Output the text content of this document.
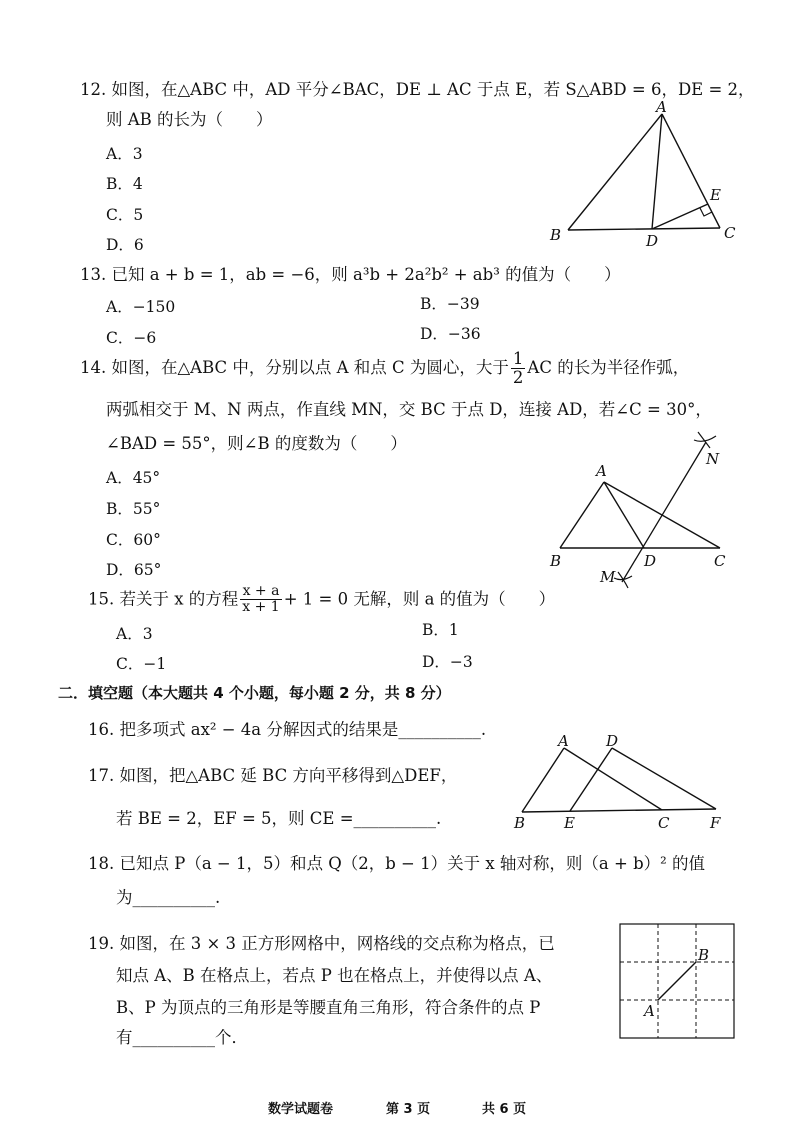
12. 如图，在△ABC 中，AD 平分∠BAC，DE ⊥ AC 于点 E，若 S△ABD = 6，DE = 2，
则 AB 的长为（　　）
A．3
B．4
C．5
D．6
A
B	C
D
E
13. 已知 a + b = 1，ab = −6，则 a³b + 2a²b² + ab³ 的值为（　　）
A．−150	B．−39
C．−6	D．−36
14. 如图，在△ABC 中，分别以点 A 和点 C 为圆心，大于 $\frac{1}{2}$ AC 的长为半径作弧，
两弧相交于 M、N 两点，作直线 MN，交 BC 于点 D，连接 AD，若∠C = 30°，
∠BAD = 55°，则∠B 的度数为（　　）
A．45°
B．55°
C．60°
D．65°
A
B	C
D
M
N
15. 若关于 x 的方程 $\frac{x + a}{x + 1} + 1 = 0$ 无解，则 a 的值为（　　）
A．3	B．1
C．−1	D．−3
二．填空题（本大题共 4 个小题，每小题 2 分，共 8 分）
16. 把多项式 ax² − 4a 分解因式的结果是__________.
17. 如图，把△ABC 延 BC 方向平移得到△DEF，
若 BE = 2，EF = 5，则 CE =__________.
A D
B	E	C	F
18. 已知点 P（a − 1，5）和点 Q（2，b − 1）关于 x 轴对称，则（a + b）² 的值
为__________.
19. 如图，在 3 × 3 正方形网格中，网格线的交点称为格点，已
知点 A、B 在格点上，若点 P 也在格点上，并使得以点 A、
B、P 为顶点的三角形是等腰直角三角形，符合条件的点 P
有__________个．
A
B
数学试题卷	第 3 页	共 6 页
